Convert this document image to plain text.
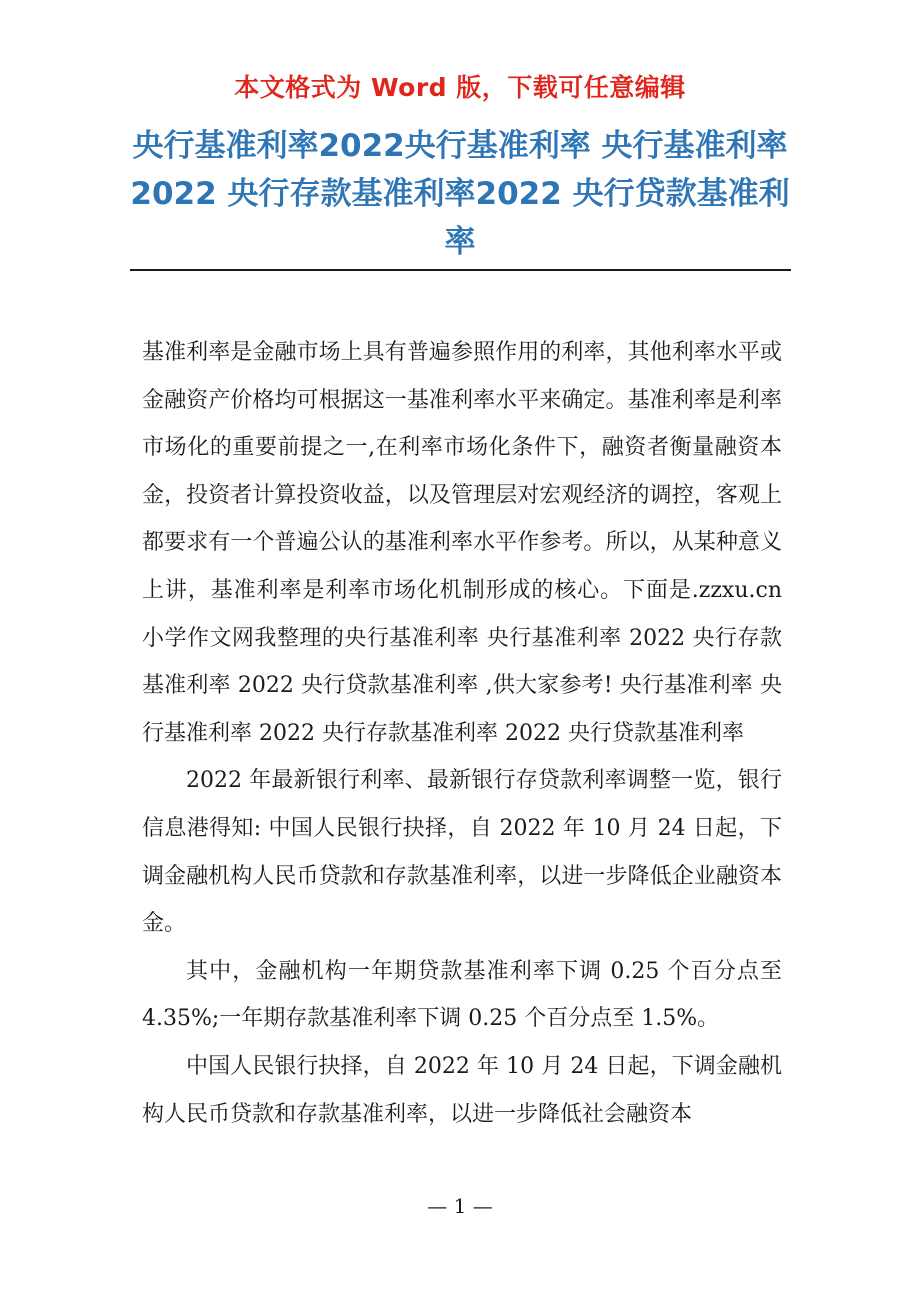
本文格式为 Word 版，下载可任意编辑
央行基准利率2022央行基准利率 央行基准利率2022 央行存款基准利率2022 央行贷款基准利率

基准利率是金融市场上具有普遍参照作用的利率，其他利率水平或金融资产价格均可根据这一基准利率水平来确定。基准利率是利率市场化的重要前提之一,在利率市场化条件下，融资者衡量融资本金，投资者计算投资收益，以及管理层对宏观经济的调控，客观上都要求有一个普遍公认的基准利率水平作参考。所以，从某种意义上讲，基准利率是利率市场化机制形成的核心。下面是.zzxu.cn 小学作文网我整理的央行基准利率 央行基准利率 2022 央行存款基准利率 2022 央行贷款基准利率 ,供大家参考! 央行基准利率 央行基准利率 2022 央行存款基准利率 2022 央行贷款基准利率

2022 年最新银行利率、最新银行存贷款利率调整一览，银行信息港得知: 中国人民银行抉择，自 2022 年 10 月 24 日起，下调金融机构人民币贷款和存款基准利率，以进一步降低企业融资本金。

其中，金融机构一年期贷款基准利率下调 0.25 个百分点至 4.35%;一年期存款基准利率下调 0.25 个百分点至 1.5%。

中国人民银行抉择，自 2022 年 10 月 24 日起，下调金融机构人民币贷款和存款基准利率，以进一步降低社会融资本

— 1 —
